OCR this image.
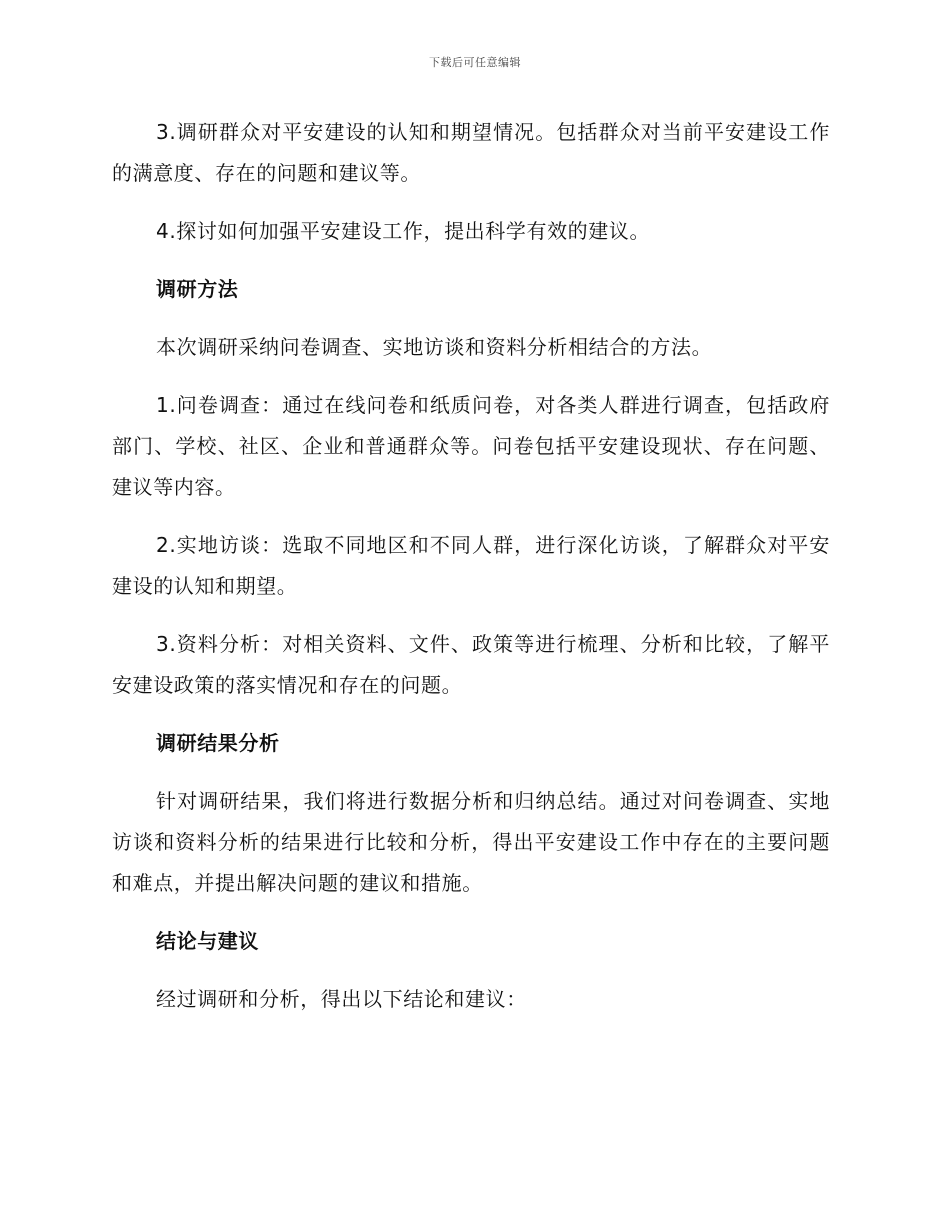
下载后可任意编辑

3.调研群众对平安建设的认知和期望情况。包括群众对当前平安建设工作的满意度、存在的问题和建议等。

4.探讨如何加强平安建设工作，提出科学有效的建议。

调研方法

本次调研采纳问卷调查、实地访谈和资料分析相结合的方法。

1.问卷调查：通过在线问卷和纸质问卷，对各类人群进行调查，包括政府部门、学校、社区、企业和普通群众等。问卷包括平安建设现状、存在问题、建议等内容。

2.实地访谈：选取不同地区和不同人群，进行深化访谈，了解群众对平安建设的认知和期望。

3.资料分析：对相关资料、文件、政策等进行梳理、分析和比较，了解平安建设政策的落实情况和存在的问题。

调研结果分析

针对调研结果，我们将进行数据分析和归纳总结。通过对问卷调查、实地访谈和资料分析的结果进行比较和分析，得出平安建设工作中存在的主要问题和难点，并提出解决问题的建议和措施。

结论与建议

经过调研和分析，得出以下结论和建议：
